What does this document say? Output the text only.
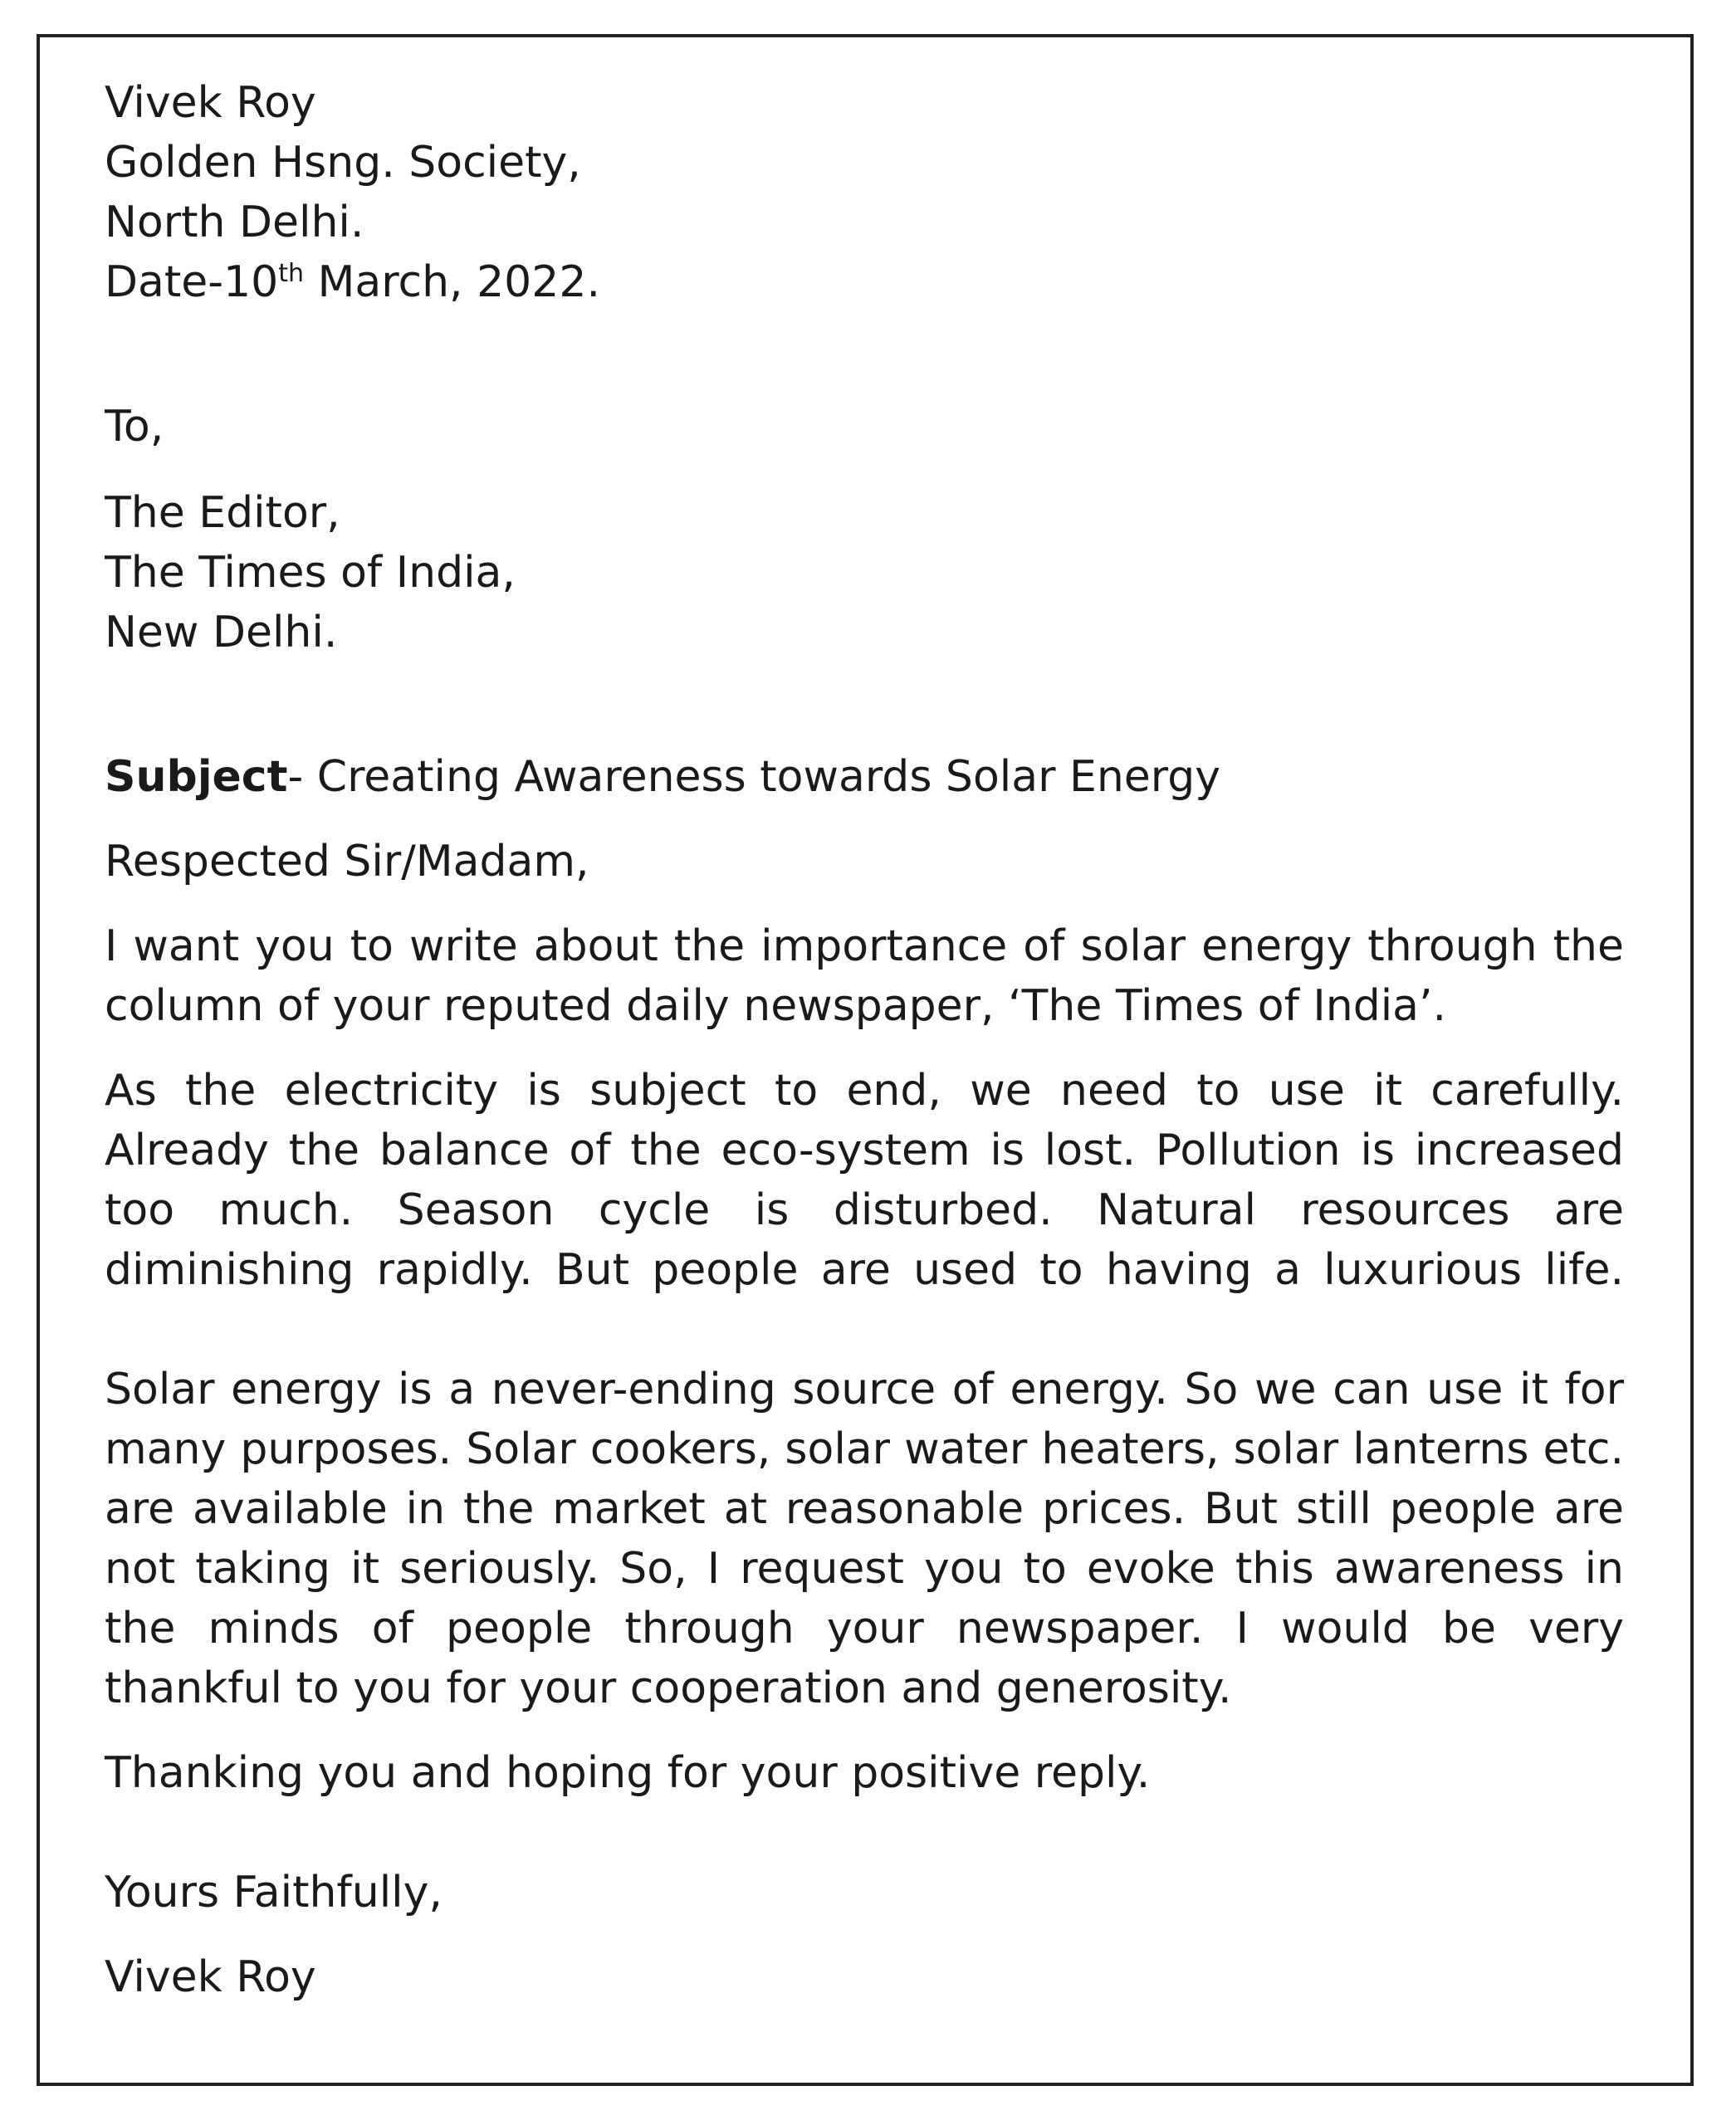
Vivek Roy
Golden Hsng. Society,
North Delhi.
Date-10th March, 2022.
To,
The Editor,
The Times of India,
New Delhi.
Subject- Creating Awareness towards Solar Energy
Respected Sir/Madam,

I want you to write about the importance of solar energy through the column of your reputed daily newspaper, ‘The Times of India’.

As the electricity is subject to end, we need to use it carefully. Already the balance of the eco-system is lost. Pollution is increased too much. Season cycle is disturbed. Natural resources are diminishing rapidly. But people are used to having a luxurious life.

Solar energy is a never-ending source of energy. So we can use it for many purposes. Solar cookers, solar water heaters, solar lanterns etc. are available in the market at reasonable prices. But still people are not taking it seriously. So, I request you to evoke this awareness in the minds of people through your newspaper. I would be very thankful to you for your cooperation and generosity.

Thanking you and hoping for your positive reply.
Yours Faithfully,
Vivek Roy
